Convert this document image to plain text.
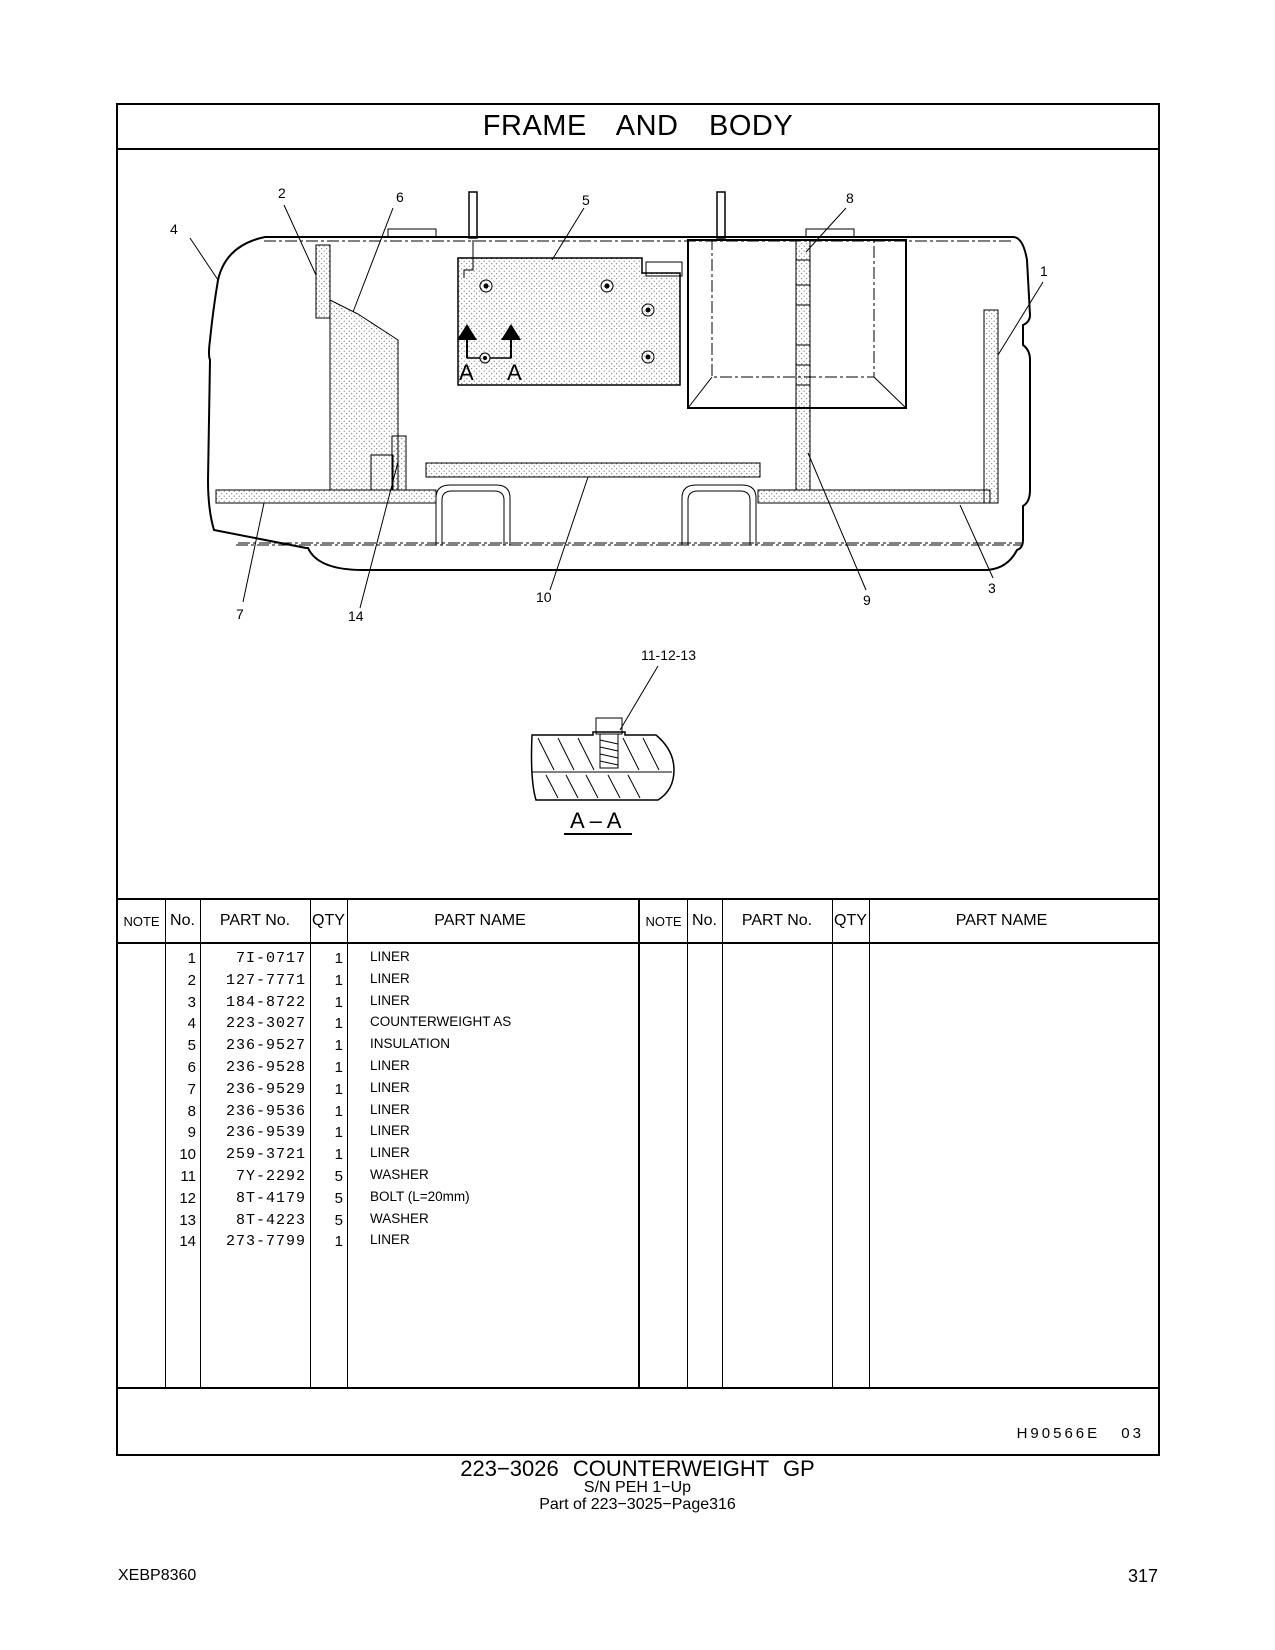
FRAME AND BODY
A A
2	6	5
4
8
1
7	14
10	9
3
11-12-13
A – A
NOTE No.	PART No.	QTY	PART NAME
1	7I-0717	1 LINER
2	127-7771	1 LINER
3	184-8722	1 LINER
4	223-3027	1 COUNTERWEIGHT AS
5	236-9527	1 INSULATION
6	236-9528	1 LINER
7	236-9529	1 LINER
8	236-9536	1 LINER
9	236-9539	1 LINER
10	259-3721	1 LINER
11	7Y-2292	5 WASHER
12	8T-4179	5 BOLT (L=20mm)
13	8T-4223	5 WASHER
14	273-7799	1 LINER
NOTE No.	PART No.	QTY	PART NAME
H90566E 03
223−3026 COUNTERWEIGHT GP
S/N PEH 1−Up
Part of 223−3025−Page316
XEBP8360	317
